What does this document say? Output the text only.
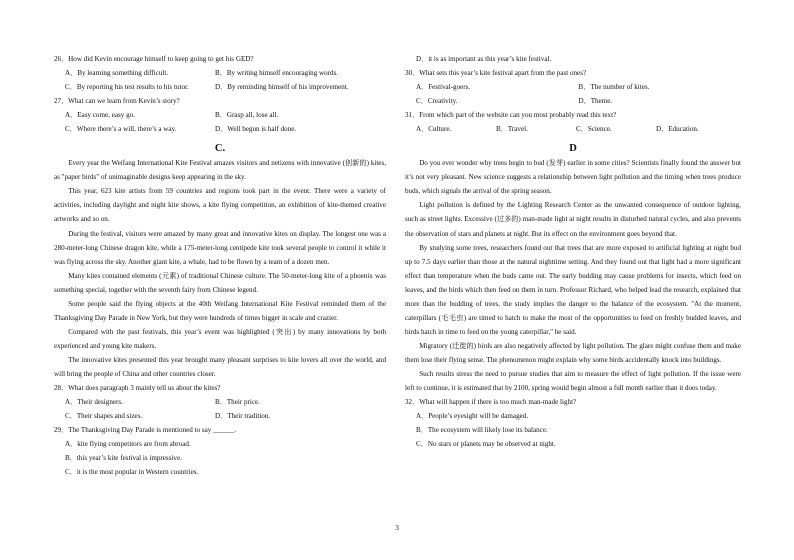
26．How did Kevin encourage himself to keep going to get his GED?
A．By learning something difficult.	B．By writing himself encouraging words.
C．By reporting his test results to his tutor.	D．By reminding himself of his improvement.
27．What can we learn from Kevin’s story?
A．Easy come, easy go.	B．Grasp all, lose all.
C．Where there’s a will, there’s a way.	D．Well begun is half done.
C.
Every year the Weifang International Kite Festival amazes visitors and netizens with innovative (创新的) kites, as "paper birds" of unimaginable designs keep appearing in the sky.
This year, 623 kite artists from 59 countries and regions took part in the event. There were a variety of activities, including daylight and night kite shows, a kite flying competition, an exhibition of kite-themed creative artworks and so on.
During the festival, visitors were amazed by many great and innovative kites on display. The longest one was a 280-meter-long Chinese dragon kite, while a 175-meter-long centipede kite took several people to control it while it was flying across the sky. Another giant kite, a whale, had to be flown by a team of a dozen men.
Many kites contained elements (元素) of traditional Chinese culture. The 50-meter-long kite of a phoenix was something special, together with the seventh fairy from Chinese legend.
Some people said the flying objects at the 40th Weifang International Kite Festival reminded them of the Thanksgiving Day Parade in New York, but they were hundreds of times bigger in scale and crazier.
Compared with the past festivals, this year’s event was highlighted (突出) by many innovations by both experienced and young kite makers.
The innovative kites presented this year brought many pleasant surprises to kite lovers all over the world, and will bring the people of China and other countries closer.
28．What does paragraph 3 mainly tell us about the kites?
A．Their designers.	B．Their price.
C．Their shapes and sizes.	D．Their tradition.
29．The Thanksgiving Day Parade is mentioned to say ______.
A．kite flying competitors are from abroad.
B．this year’s kite festival is impressive.
C．it is the most popular in Western countries.
D．it is as important as this year’s kite festival.
30．What sets this year’s kite festival apart from the past ones?
A．Festival-goers.	B．The number of kites.
C．Creativity.	D．Theme.
31．From which part of the website can you most probably read this text?
A．Culture.	B．Travel.	C．Science.	D．Education.
D
Do you ever wonder why trees begin to bud (发芽) earlier in some cities? Scientists finally found the answer but it’s not very pleasant. New science suggests a relationship between light pollution and the timing when trees produce buds, which signals the arrival of the spring season.
Light pollution is defined by the Lighting Research Center as the unwanted consequence of outdoor lighting, such as street lights. Excessive (过多的) man-made light at night results in disturbed natural cycles, and also prevents the observation of stars and planets at night. But its effect on the environment goes beyond that.
By studying some trees, researchers found out that trees that are more exposed to artificial lighting at night bud up to 7.5 days earlier than those at the natural nighttime setting. And they found out that light had a more significant effect than temperature when the buds came out. The early budding may cause problems for insects, which feed on leaves, and the birds which then feed on them in turn. Professor Richard, who helped lead the research, explained that more than the budding of trees, the study implies the danger to the balance of the ecosystem. "At the moment, caterpillars (毛毛虫) are timed to hatch to make the most of the opportunities to feed on freshly budded leaves, and birds hatch in time to feed on the young caterpillar," he said.
Migratory (迁徙的) birds are also negatively affected by light pollution. The glare might confuse them and make them lose their flying sense. The phenomenon might explain why some birds accidentally knock into buildings.
Such results stress the need to pursue studies that aim to measure the effect of light pollution. If the issue were left to continue, it is estimated that by 2100, spring would begin almost a full month earlier than it does today.
32．What will happen if there is too much man-made light?
A．People’s eyesight will be damaged.
B．The ecosystem will likely lose its balance.
C．No stars or planets may be observed at night.
3
